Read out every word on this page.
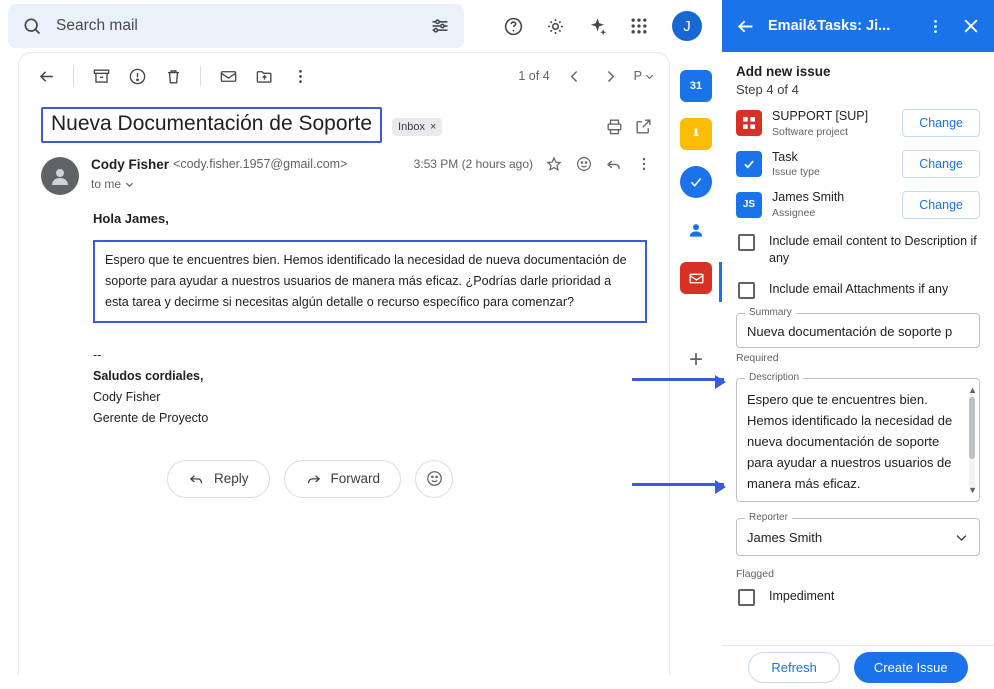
Search mail	J
1 of 4	P
Nueva Documentación de Soporte	Inbox ×
Cody Fisher <cody.fisher.1957@gmail.com>	3:53 PM (2 hours ago)
to me
Hola James,
Espero que te encuentres bien. Hemos identificado la necesidad de nueva documentación de soporte para ayudar a nuestros usuarios de manera más eficaz. ¿Podrías darle prioridad a esta tarea y decirme si necesitas algún detalle o recurso específico para comenzar?
--
Saludos cordiales,
Cody Fisher
Gerente de Proyecto
Reply	Forward
31
+
Email&Tasks: Ji...
Add new issue
Step 4 of 4
SUPPORT [SUP]
Software project
Change
Task
Issue type
Change
JS
James Smith
Assignee
Change
Include email content to Description if any
Include email Attachments if any
Summary
Nueva documentación de soporte p
Required
Description
Espero que te encuentres bien. Hemos identificado la necesidad de nueva documentación de soporte para ayudar a nuestros usuarios de manera más eficaz.
▲
▼
Reporter
James Smith
Flagged
Impediment
Refresh	Create Issue
